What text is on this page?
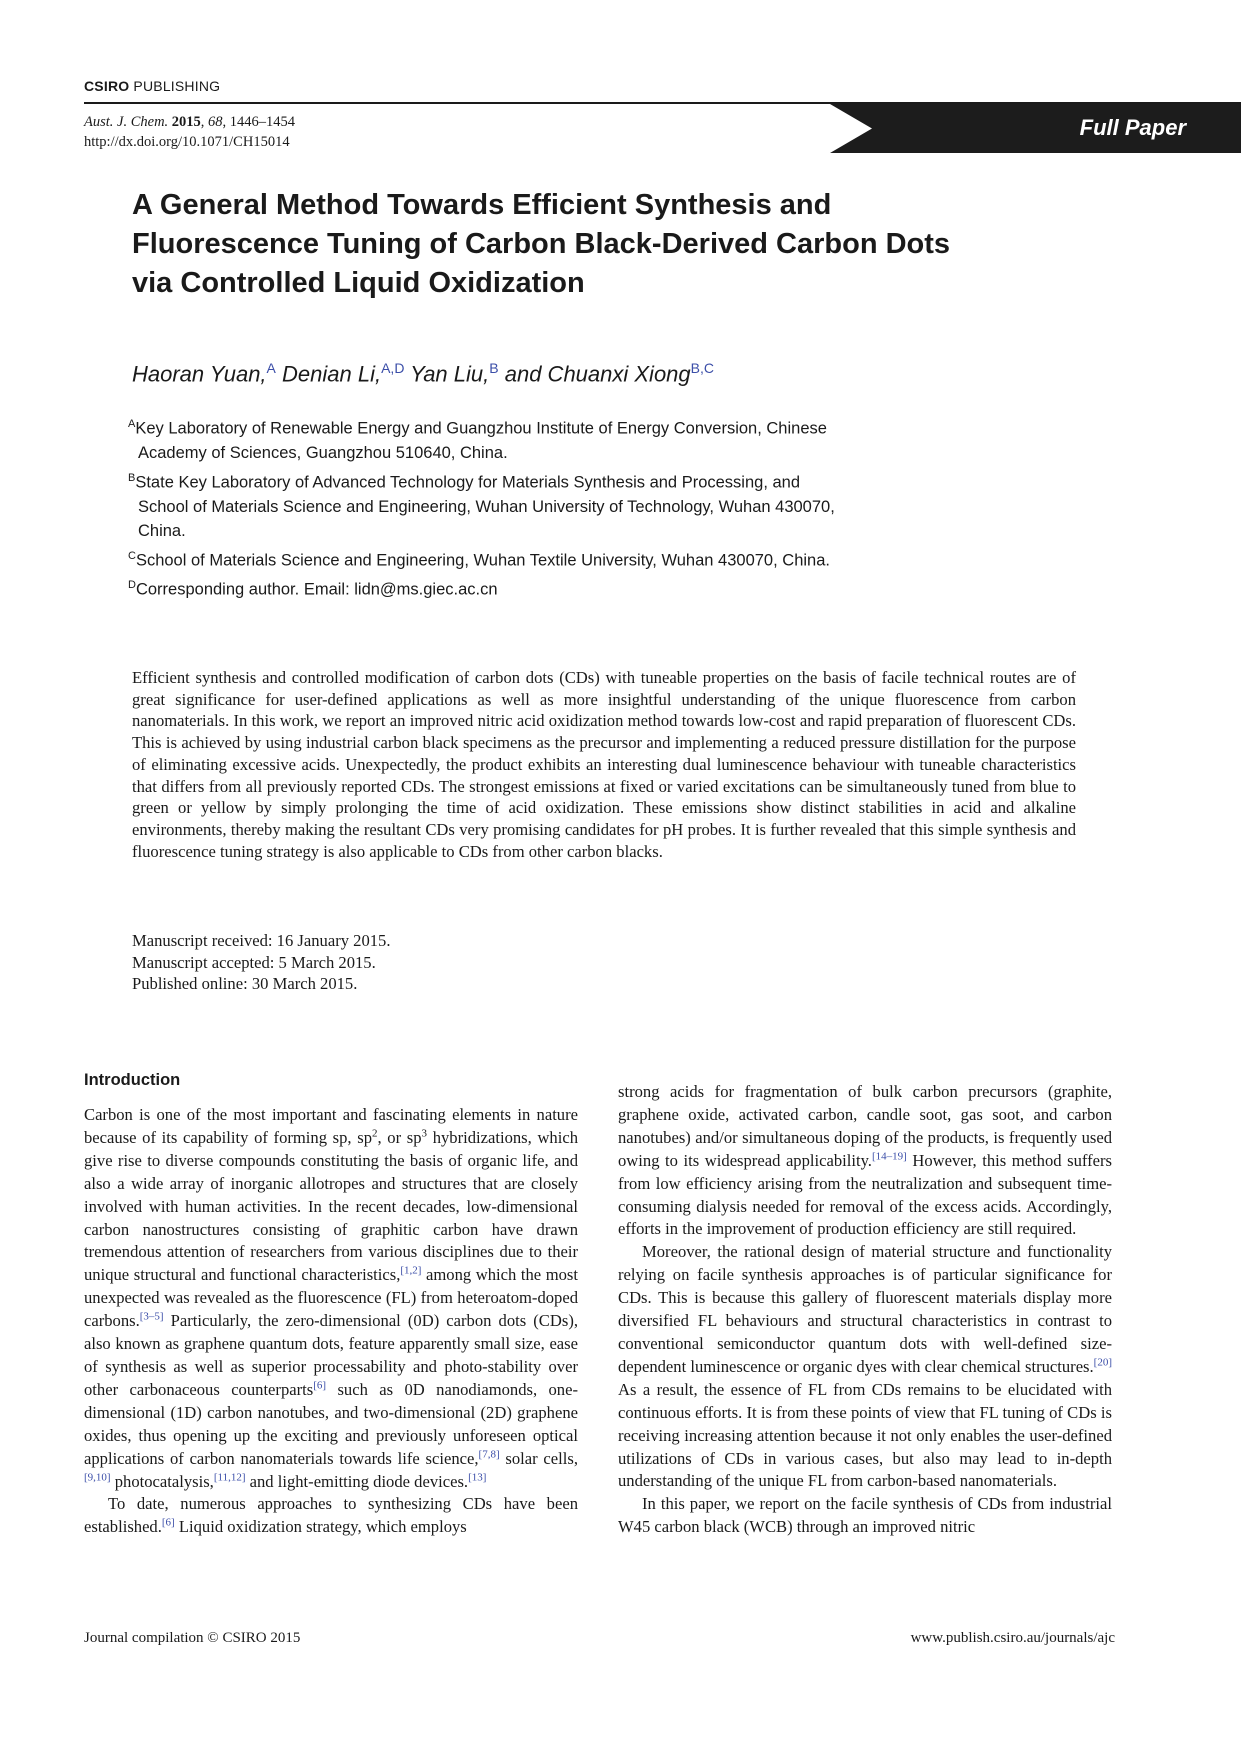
CSIRO PUBLISHING
Aust. J. Chem. 2015, 68, 1446–1454
http://dx.doi.org/10.1071/CH15014
Full Paper
A General Method Towards Efficient Synthesis and Fluorescence Tuning of Carbon Black-Derived Carbon Dots via Controlled Liquid Oxidization
Haoran Yuan,$^A$ Denian Li,$^{A,D}$ Yan Liu,$^B$ and Chuanxi Xiong$^{B,C}$
$^A$Key Laboratory of Renewable Energy and Guangzhou Institute of Energy Conversion, Chinese Academy of Sciences, Guangzhou 510640, China.
$^B$State Key Laboratory of Advanced Technology for Materials Synthesis and Processing, and School of Materials Science and Engineering, Wuhan University of Technology, Wuhan 430070, China.
$^C$School of Materials Science and Engineering, Wuhan Textile University, Wuhan 430070, China.
$^D$Corresponding author. Email: lidn@ms.giec.ac.cn
Efficient synthesis and controlled modification of carbon dots (CDs) with tuneable properties on the basis of facile technical routes are of great significance for user-defined applications as well as more insightful understanding of the unique fluorescence from carbon nanomaterials. In this work, we report an improved nitric acid oxidization method towards low-cost and rapid preparation of fluorescent CDs. This is achieved by using industrial carbon black specimens as the precursor and implementing a reduced pressure distillation for the purpose of eliminating excessive acids. Unexpectedly, the product exhibits an interesting dual luminescence behaviour with tuneable characteristics that differs from all previously reported CDs. The strongest emissions at fixed or varied excitations can be simultaneously tuned from blue to green or yellow by simply prolonging the time of acid oxidization. These emissions show distinct stabilities in acid and alkaline environments, thereby making the resultant CDs very promising candidates for pH probes. It is further revealed that this simple synthesis and fluorescence tuning strategy is also applicable to CDs from other carbon blacks.
Manuscript received: 16 January 2015.
Manuscript accepted: 5 March 2015.
Published online: 30 March 2015.
Introduction

Carbon is one of the most important and fascinating elements in nature because of its capability of forming sp, $sp^2$, or $sp^3$ hybridizations, which give rise to diverse compounds constituting the basis of organic life, and also a wide array of inorganic allotropes and structures that are closely involved with human activities. In the recent decades, low-dimensional carbon nanostructures consisting of graphitic carbon have drawn tremendous attention of researchers from various disciplines due to their unique structural and functional characteristics,[1,2] among which the most unexpected was revealed as the fluorescence (FL) from heteroatom-doped carbons.[3–5] Particularly, the zero-dimensional (0D) carbon dots (CDs), also known as graphene quantum dots, feature apparently small size, ease of synthesis as well as superior processability and photo-stability over other carbonaceous counterparts[6] such as 0D nanodiamonds, one-dimensional (1D) carbon nanotubes, and two-dimensional (2D) graphene oxides, thus opening up the exciting and previously unforeseen optical applications of carbon nanomaterials towards life science,[7,8] solar cells,[9,10] photocatalysis,[11,12] and light-emitting diode devices.[13]

To date, numerous approaches to synthesizing CDs have been established.[6] Liquid oxidization strategy, which employs

strong acids for fragmentation of bulk carbon precursors (graphite, graphene oxide, activated carbon, candle soot, gas soot, and carbon nanotubes) and/or simultaneous doping of the products, is frequently used owing to its widespread applicability.[14–19] However, this method suffers from low efficiency arising from the neutralization and subsequent time-consuming dialysis needed for removal of the excess acids. Accordingly, efforts in the improvement of production efficiency are still required.

Moreover, the rational design of material structure and functionality relying on facile synthesis approaches is of particular significance for CDs. This is because this gallery of fluorescent materials display more diversified FL behaviours and structural characteristics in contrast to conventional semiconductor quantum dots with well-defined size-dependent luminescence or organic dyes with clear chemical structures.[20] As a result, the essence of FL from CDs remains to be elucidated with continuous efforts. It is from these points of view that FL tuning of CDs is receiving increasing attention because it not only enables the user-defined utilizations of CDs in various cases, but also may lead to in-depth understanding of the unique FL from carbon-based nanomaterials.

In this paper, we report on the facile synthesis of CDs from industrial W45 carbon black (WCB) through an improved nitric

Journal compilation © CSIRO 2015	www.publish.csiro.au/journals/ajc
